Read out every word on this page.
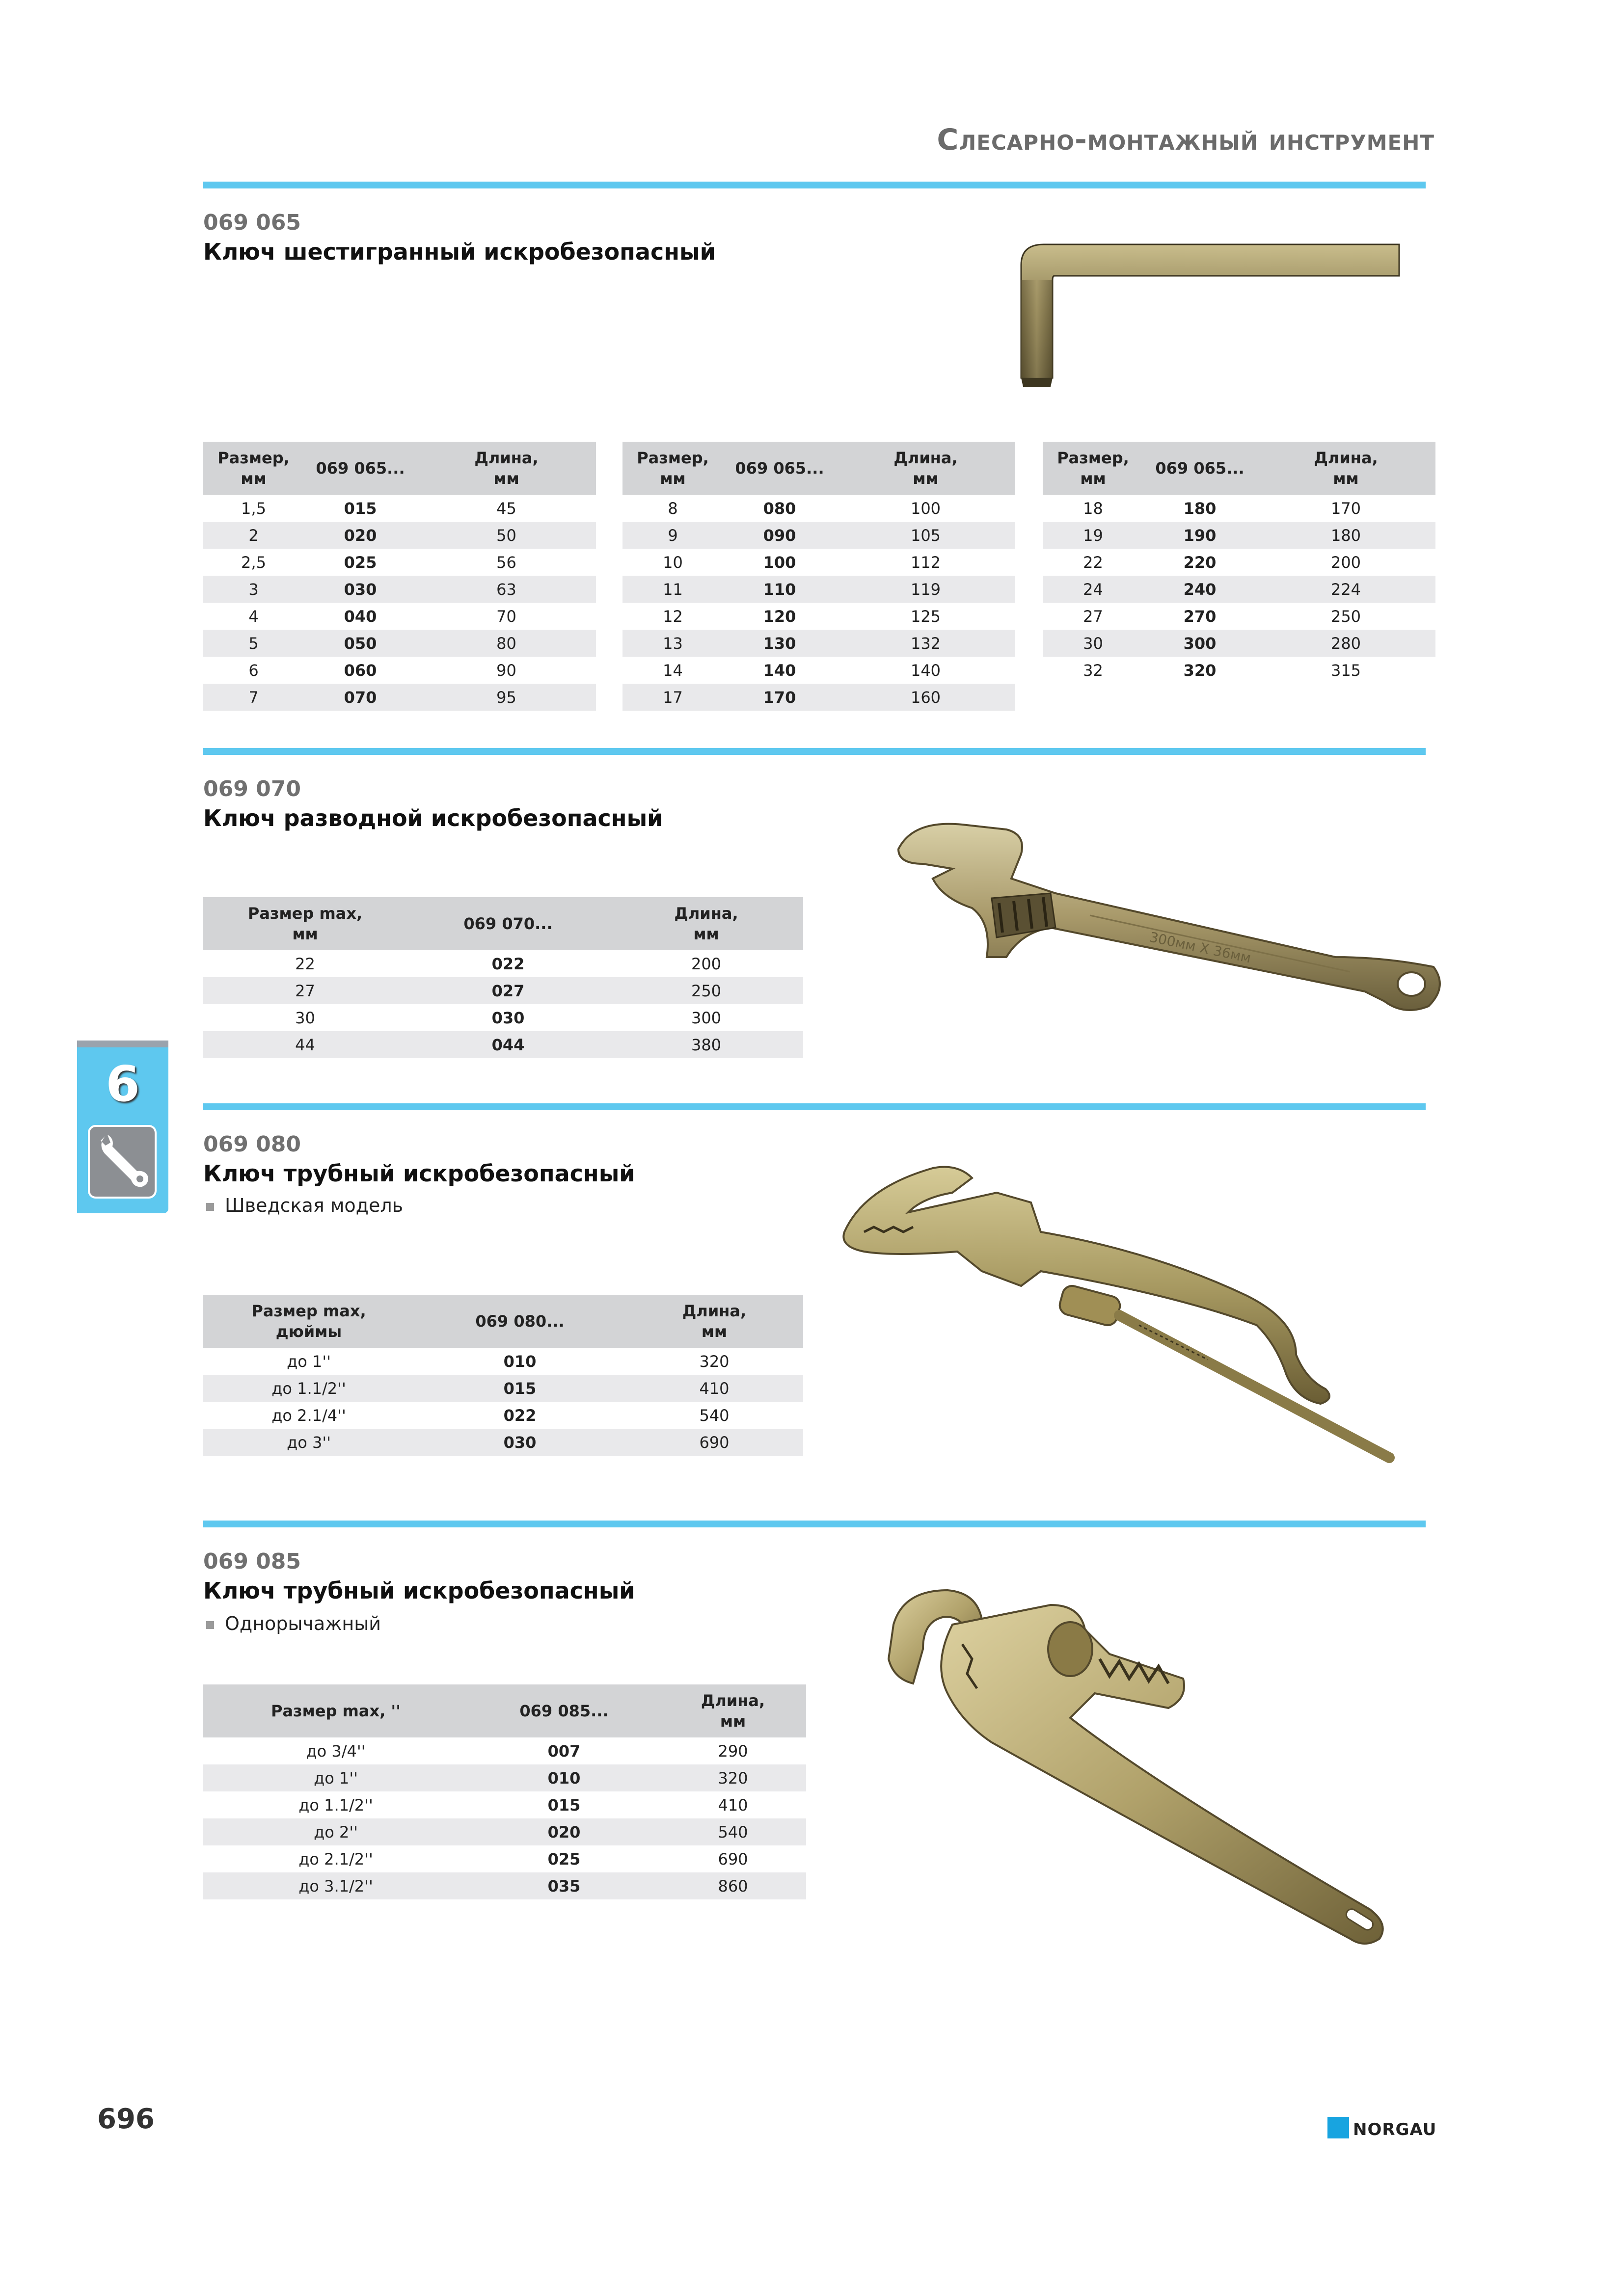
Слесарно-монтажный инструмент
069 065
Ключ шестигранный искробезопасный
Размер,
мм	069 065...	Длина,
мм
1,5	015	45
2	020	50
2,5	025	56
3	030	63
4	040	70
5	050	80
6	060	90
7	070	95
Размер,
мм	069 065...	Длина,
мм
8	080	100
9	090	105
10	100	112
11	110	119
12	120	125
13	130	132
14	140	140
17	170	160
Размер,
мм	069 065...	Длина,
мм
18	180	170
19	190	180
22	220	200
24	240	224
27	270	250
30	300	280
32	320	315
069 070
Ключ разводной искробезопасный
300мм X 36мм
Размер max,
мм	069 070...	Длина,
мм
22	022	200
27	027	250
30	030	300
44	044	380
069 080
Ключ трубный искробезопасный
Шведская модель
Размер max,
дюймы	069 080...	Длина,
мм
до 1''	010	320
до 1.1/2''	015	410
до 2.1/4''	022	540
до 3''	030	690
069 085
Ключ трубный искробезопасный
Однорычажный
Размер max, ''	069 085...	Длина,
мм
до 3/4''	007	290
до 1''	010	320
до 1.1/2''	015	410
до 2''	020	540
до 2.1/2''	025	690
до 3.1/2''	035	860
6
696	NORGAU
